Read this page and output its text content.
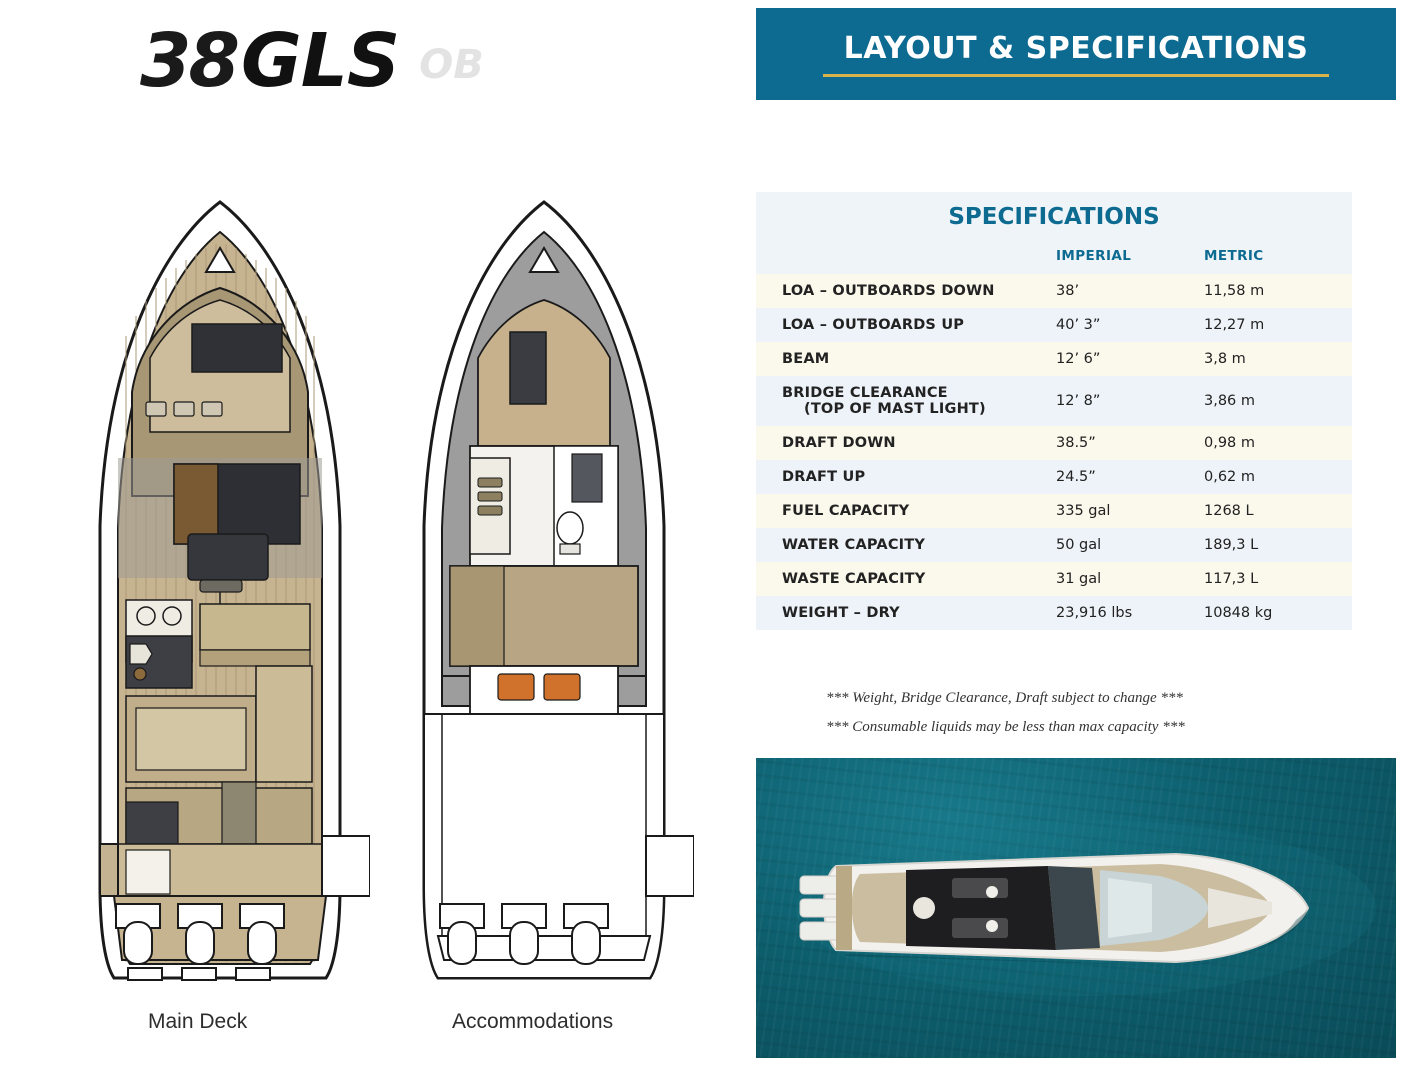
38 GLS OB
Main Deck	Accommodations
LAYOUT & SPECIFICATIONS
SPECIFICATIONS
	IMPERIAL	METRIC
LOA – OUTBOARDS DOWN	38’	11,58 m
LOA – OUTBOARDS UP	40’ 3”	12,27 m
BEAM	12’ 6”	3,8 m
BRIDGE CLEARANCE
(TOP OF MAST LIGHT)	12’ 8”	3,86 m
DRAFT DOWN	38.5”	0,98 m
DRAFT UP	24.5”	0,62 m
FUEL CAPACITY	335 gal	1268 L
WATER CAPACITY	50 gal	189,3 L
WASTE CAPACITY	31 gal	117,3 L
WEIGHT – DRY	23,916 lbs	10848 kg
*** Weight, Bridge Clearance, Draft subject to change ***
*** Consumable liquids may be less than max capacity ***
